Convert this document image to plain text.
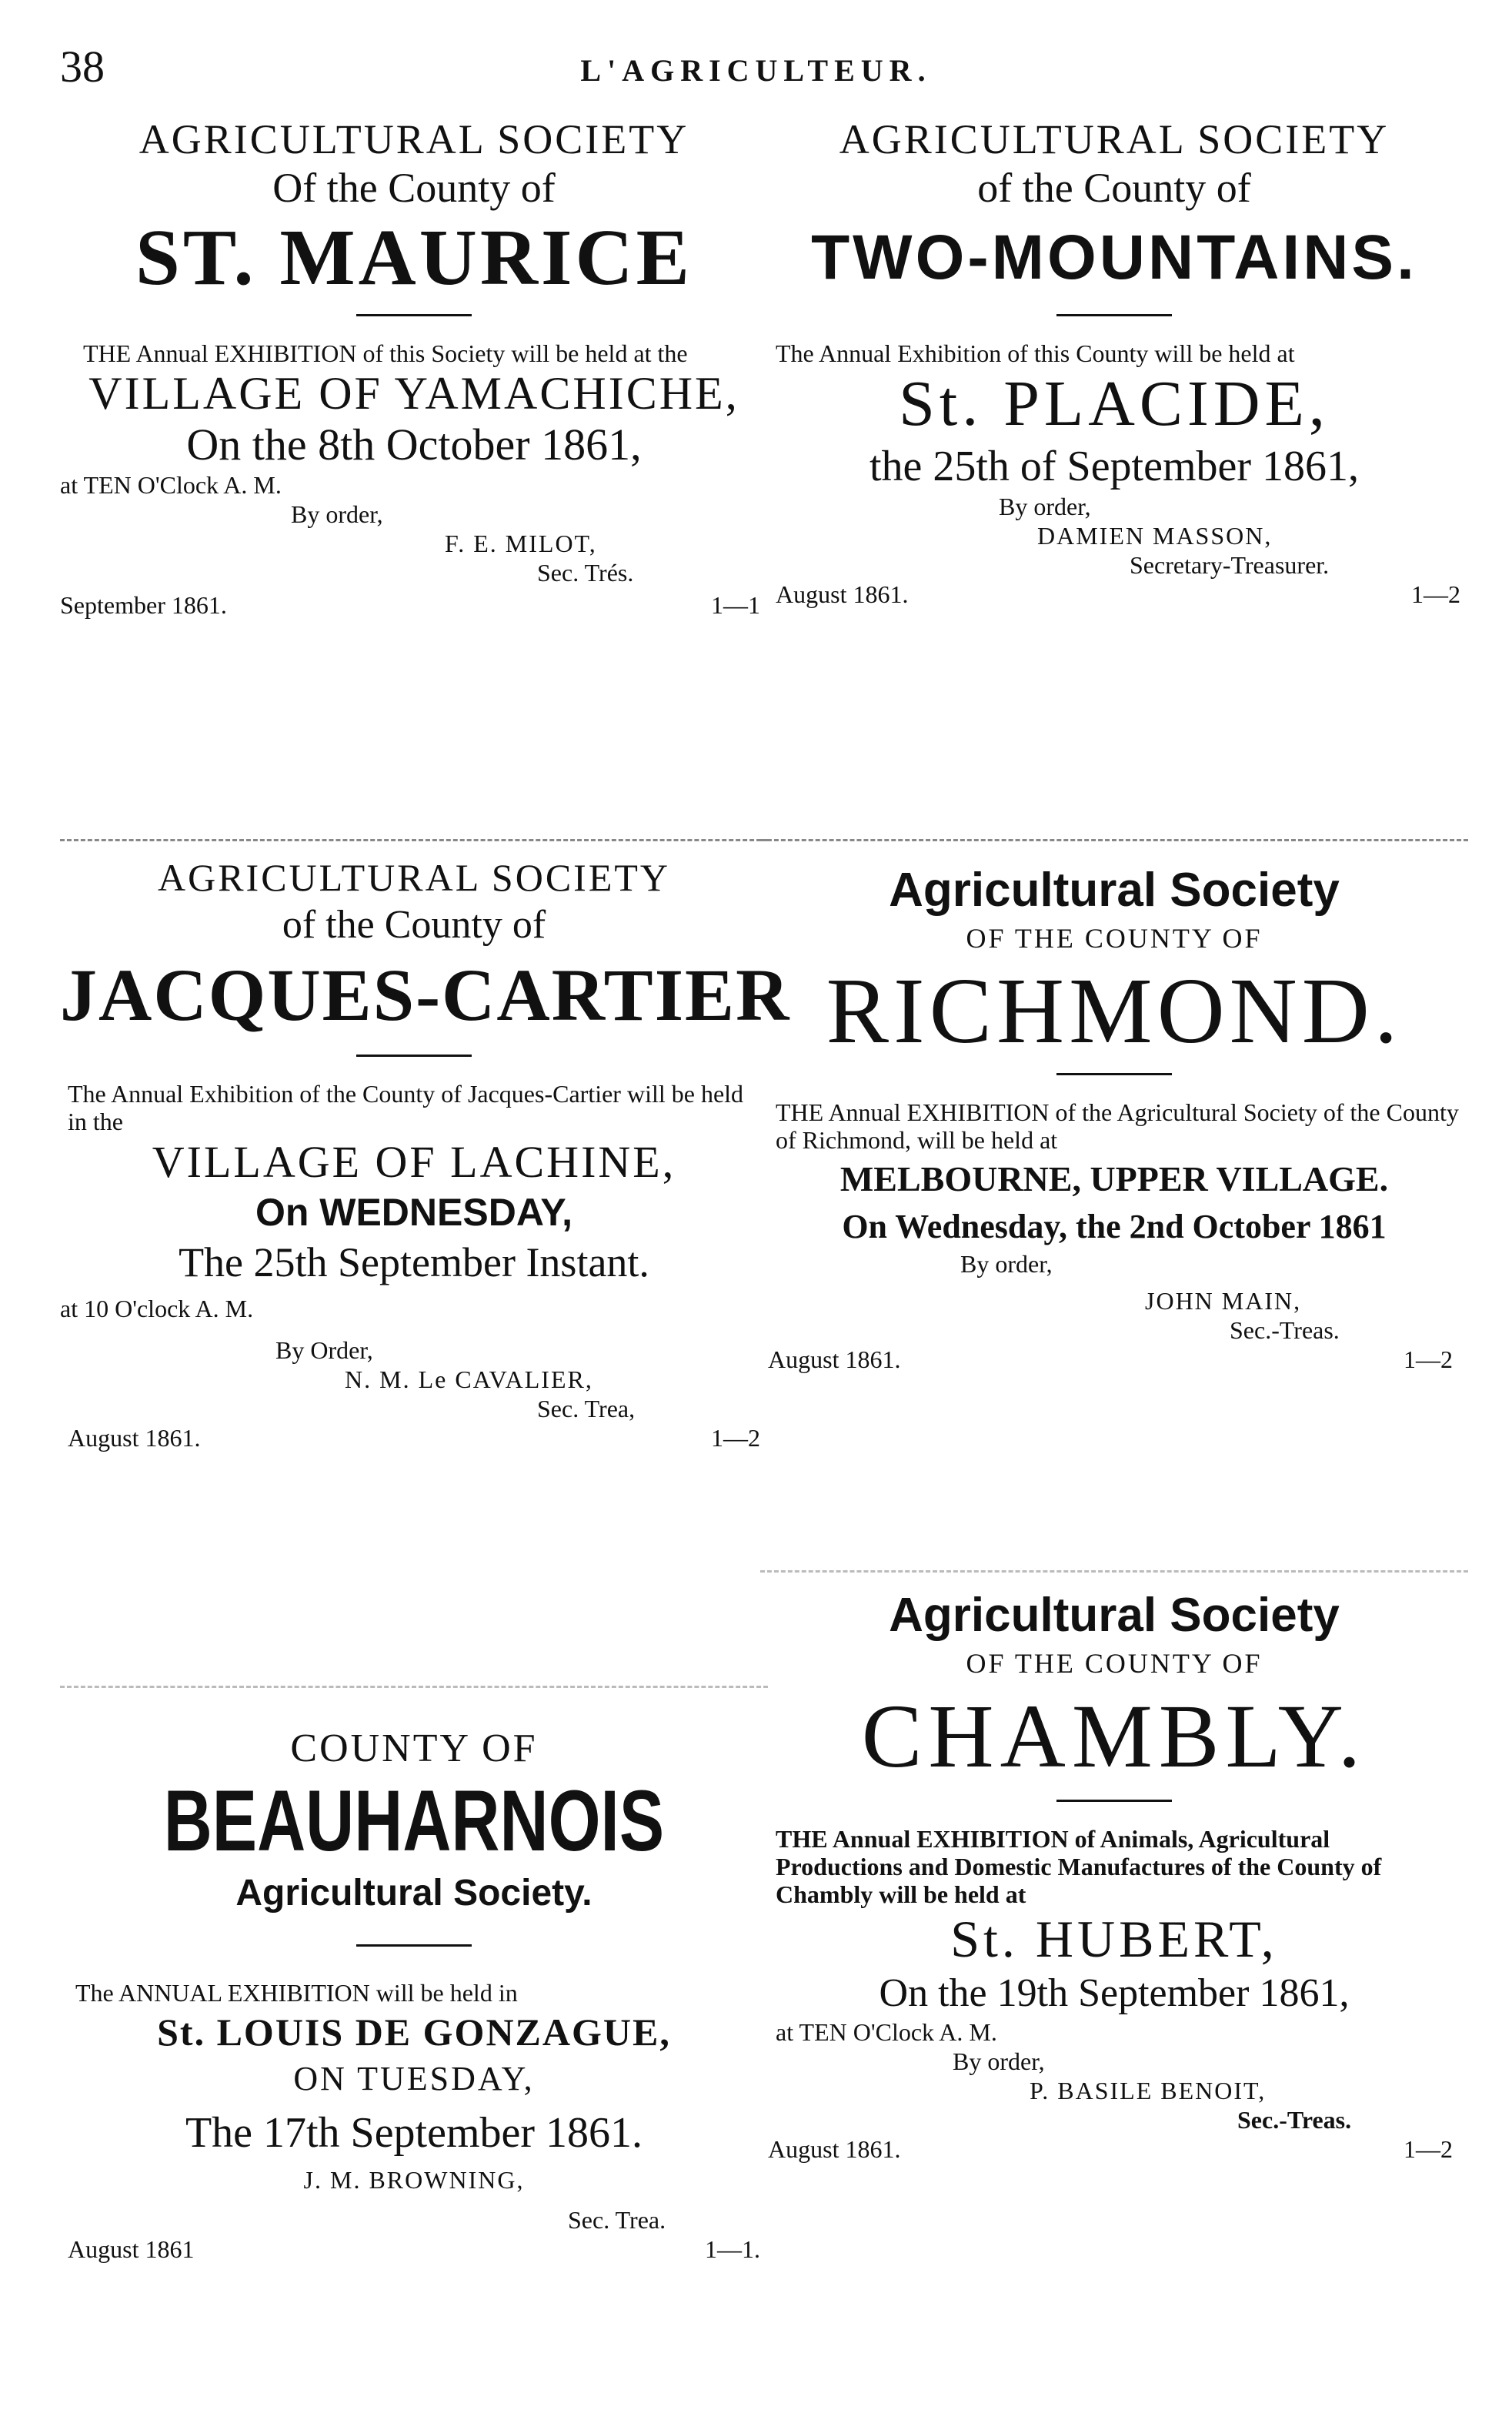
38	L'AGRICULTEUR.
AGRICULTURAL SOCIETY
Of the County of
ST. MAURICE
THE Annual EXHIBITION of this Society will be held at the
VILLAGE OF YAMACHICHE,
On the 8th October 1861,
at TEN O'Clock A. M.
By order,
F. E. MILOT,
Sec. Trés.
September 1861.	1—1
AGRICULTURAL SOCIETY
of the County of
JACQUES-CARTIER
The Annual Exhibition of the County of Jacques-Cartier will be held in the
VILLAGE OF LACHINE,
On WEDNESDAY,
The 25th September Instant.
at 10 O'clock A. M.
By Order,
N. M. Le CAVALIER,
Sec. Trea,
August 1861.	1—2
COUNTY OF
BEAUHARNOIS
Agricultural Society.
The ANNUAL EXHIBITION will be held in
St. LOUIS DE GONZAGUE,
ON TUESDAY,
The 17th September 1861.
J. M. BROWNING,
Sec. Trea.
August 1861	1—1.
AGRICULTURAL SOCIETY
of the County of
TWO-MOUNTAINS.
The Annual Exhibition of this County will be held at
St. PLACIDE,
the 25th of September 1861,
By order,
DAMIEN MASSON,
Secretary-Treasurer.
August 1861.	1—2
Agricultural Society
OF THE COUNTY OF
RICHMOND.
THE Annual EXHIBITION of the Agricultural Society of the County of Richmond, will be held at
MELBOURNE, UPPER VILLAGE.
On Wednesday, the 2nd October 1861
By order,
JOHN MAIN,
Sec.-Treas.
August 1861.	1—2
Agricultural Society
OF THE COUNTY OF
CHAMBLY.
THE Annual EXHIBITION of Animals, Agricultural Productions and Domestic Manufactures of the County of Chambly will be held at
St. HUBERT,
On the 19th September 1861,
at TEN O'Clock A. M.
By order,
P. BASILE BENOIT,
Sec.-Treas.
August 1861.	1—2
